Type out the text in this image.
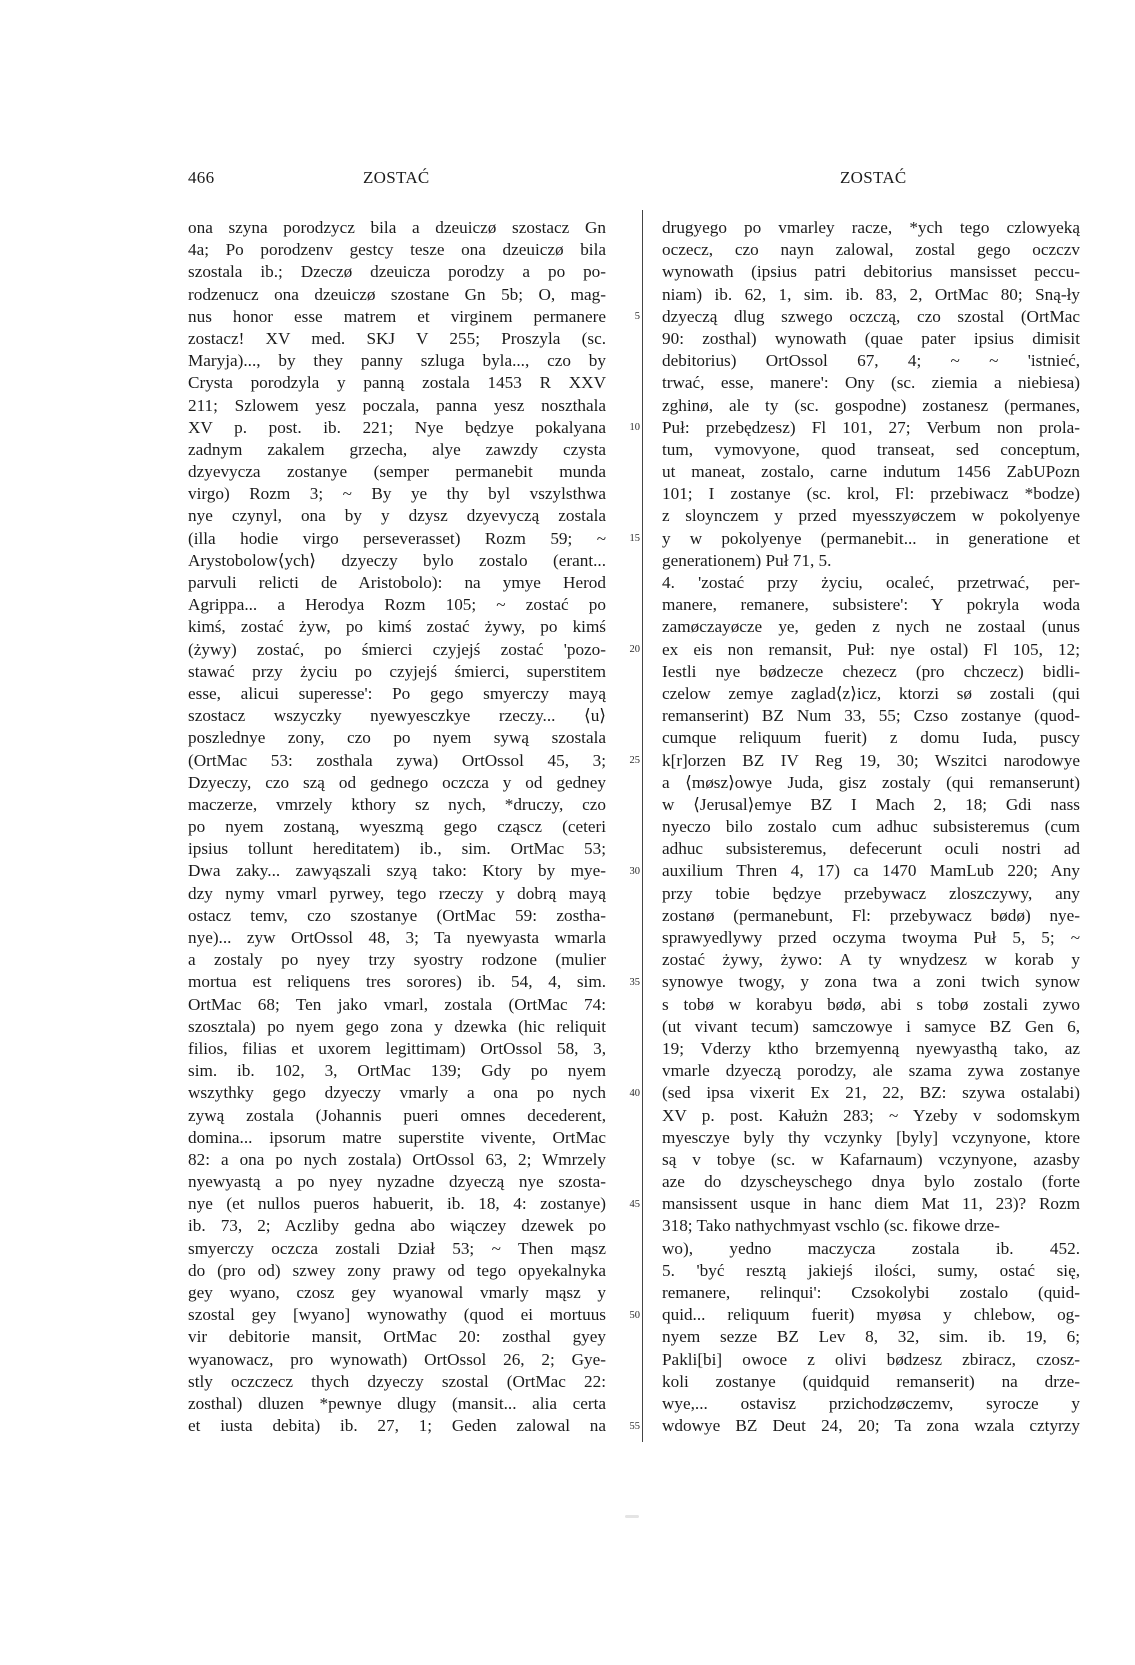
466	ZOSTAĆ	ZOSTAĆ
ona szyna porodzycz bila a dzeuiczø szostacz Gn
4a; Po porodzenv gestcy tesze ona dzeuiczø bila
szostala ib.; Dzeczø dzeuicza porodzy a po po-
rodzenucz ona dzeuiczø szostane Gn 5b; O, mag-
nus honor esse matrem et virginem permanere
zostacz! XV med. SKJ V 255; Proszyla (sc.
Maryja)..., by they panny szluga byla..., czo by
Crysta porodzyla y panną zostala 1453 R XXV
211; Szlowem yesz poczala, panna yesz noszthala
XV p. post. ib. 221; Nye będzye pokalyana
zadnym zakalem grzecha, alye zawzdy czysta
dzyevycza zostanye (semper permanebit munda
virgo) Rozm 3; ~ By ye thy byl vszylsthwa
nye czynyl, ona by y dzysz dzyevyczą zostala
(illa hodie virgo perseverasset) Rozm 59; ~
Arystobolow⟨ych⟩ dzyeczy bylo zostalo (erant...
parvuli relicti de Aristobolo): na ymye Herod
Agrippa... a Herodya Rozm 105; ~ zostać po
kimś, zostać żyw, po kimś zostać żywy, po kimś
(żywy) zostać, po śmierci czyjejś zostać 'pozo-
stawać przy życiu po czyjejś śmierci, superstitem
esse, alicui superesse': Po gego smyerczy mayą
szostacz wszyczky nyewyesczkye rzeczy... ⟨u⟩
poszlednye zony, czo po nyem sywą szostala
(OrtMac 53: zosthala zywa) OrtOssol 45, 3;
Dzyeczy, czo szą od gednego oczcza y od gedney
maczerze, vmrzely kthory sz nych, *druczy, czo
po nyem zostaną, wyeszmą gego cząscz (ceteri
ipsius tollunt hereditatem) ib., sim. OrtMac 53;
Dwa zaky... zawyąszali szyą tako: Ktory by mye-
dzy nymy vmarl pyrwey, tego rzeczy y dobrą mayą
ostacz temv, czo szostanye (OrtMac 59: zostha-
nye)... zyw OrtOssol 48, 3; Ta nyewyasta wmarla
a zostaly po nyey trzy syostry rodzone (mulier
mortua est reliquens tres sorores) ib. 54, 4, sim.
OrtMac 68; Ten jako vmarl, zostala (OrtMac 74:
szosztala) po nyem gego zona y dzewka (hic reliquit
filios, filias et uxorem legittimam) OrtOssol 58, 3,
sim. ib. 102, 3, OrtMac 139; Gdy po nyem
wszythky gego dzyeczy vmarly a ona po nych
zywą zostala (Johannis pueri omnes decederent,
domina... ipsorum matre superstite vivente, OrtMac
82: a ona po nych zostala) OrtOssol 63, 2; Wmrzely
nyewyastą a po nyey nyzadne dzyeczą nye szosta-
nye (et nullos pueros habuerit, ib. 18, 4: zostanye)
ib. 73, 2; Aczliby gedna abo wiączey dzewek po
smyerczy oczcza zostali Dział 53; ~ Then mąsz
do (pro od) szwey zony prawy od tego opyekalnyka
gey wyano, czosz gey wyanowal vmarly mąsz y
szostal gey [wyano] wynowathy (quod ei mortuus
vir debitorie mansit, OrtMac 20: zosthal gyey
wyanowacz, pro wynowath) OrtOssol 26, 2; Gye-
stly oczczecz thych dzyeczy szostal (OrtMac 22:
zosthal) dluzen *pewnye dlugy (mansit... alia certa
et iusta debita) ib. 27, 1; Geden zalowal na
drugyego po vmarley racze, *ych tego czlowyeką
oczecz, czo nayn zalowal, zostal gego oczczv
wynowath (ipsius patri debitorius mansisset peccu-
niam) ib. 62, 1, sim. ib. 83, 2, OrtMac 80; Sną-ły
dzyeczą dlug szwego oczczą, czo szostal (OrtMac
90: zosthal) wynowath (quae pater ipsius dimisit
debitorius) OrtOssol 67, 4; ~ ~ 'istnieć,
trwać, esse, manere': Ony (sc. ziemia a niebiesa)
zghinø, ale ty (sc. gospodne) zostanesz (permanes,
Puł: przebędzesz) Fl 101, 27; Verbum non prola-
tum, vymovyone, quod transeat, sed conceptum,
ut maneat, zostalo, carne indutum 1456 ZabUPozn
101; I zostanye (sc. krol, Fl: przebiwacz *bodze)
z sloynczem y przed myesszyøczem w pokolyenye
y w pokolyenye (permanebit... in generatione et
generationem) Puł 71, 5.
4. 'zostać przy życiu, ocaleć, przetrwać, per-
manere, remanere, subsistere': Y pokryla woda
zamøczayøcze ye, geden z nych ne zostaal (unus
ex eis non remansit, Puł: nye ostal) Fl 105, 12;
Iestli nye bødzecze chezecz (pro chczecz) bidli-
czelow zemye zaglad⟨z⟩icz, ktorzi sø zostali (qui
remanserint) BZ Num 33, 55; Czso zostanye (quod-
cumque reliquum fuerit) z domu Iuda, puscy
k[r]orzen BZ IV Reg 19, 30; Wszitci narodowye
a ⟨møsz⟩owye Juda, gisz zostaly (qui remanserunt)
w ⟨Jerusal⟩emye BZ I Mach 2, 18; Gdi nass
nyeczo bilo zostalo cum adhuc subsisteremus (cum
adhuc subsisteremus, defecerunt oculi nostri ad
auxilium Thren 4, 17) ca 1470 MamLub 220; Any
przy tobie będzye przebywacz zloszczywy, any
zostanø (permanebunt, Fl: przebywacz bødø) nye-
sprawyedlywy przed oczyma twoyma Puł 5, 5; ~
zostać żywy, żywo: A ty wnydzesz w korab y
synowye twogy, y zona twa a zoni twich synow
s tobø w korabyu bødø, abi s tobø zostali zywo
(ut vivant tecum) samczowye i samyce BZ Gen 6,
19; Vderzy ktho brzemyenną nyewyasthą tako, az
vmarle dzyeczą porodzy, ale szama zywa zostanye
(sed ipsa vixerit Ex 21, 22, BZ: szywa ostalabi)
XV p. post. Kałużn 283; ~ Yzeby v sodomskym
myesczye byly thy vczynky [byly] vczynyone, ktore
są v tobye (sc. w Kafarnaum) vczynyone, azasby
aze do dzyscheyschego dnya bylo zostalo (forte
mansissent usque in hanc diem Mat 11, 23)? Rozm
318; Tako nathychmyast vschlo (sc. fikowe drze-
wo), yedno maczycza zostala ib. 452.
5. 'być resztą jakiejś ilości, sumy, ostać się,
remanere, relinqui': Czsokolybi zostalo (quid-
quid... reliquum fuerit) myøsa y chlebow, og-
nyem sezze BZ Lev 8, 32, sim. ib. 19, 6;
Pakli[bi] owoce z olivi bødzesz zbiracz, czosz-
koli zostanye (quidquid remanserit) na drze-
wye,... ostavisz przichodzøczemv, syrocze y
wdowye BZ Deut 24, 20; Ta zona wzala cztyrzy
5
10
15
20
25
30
35
40
45
50
55
